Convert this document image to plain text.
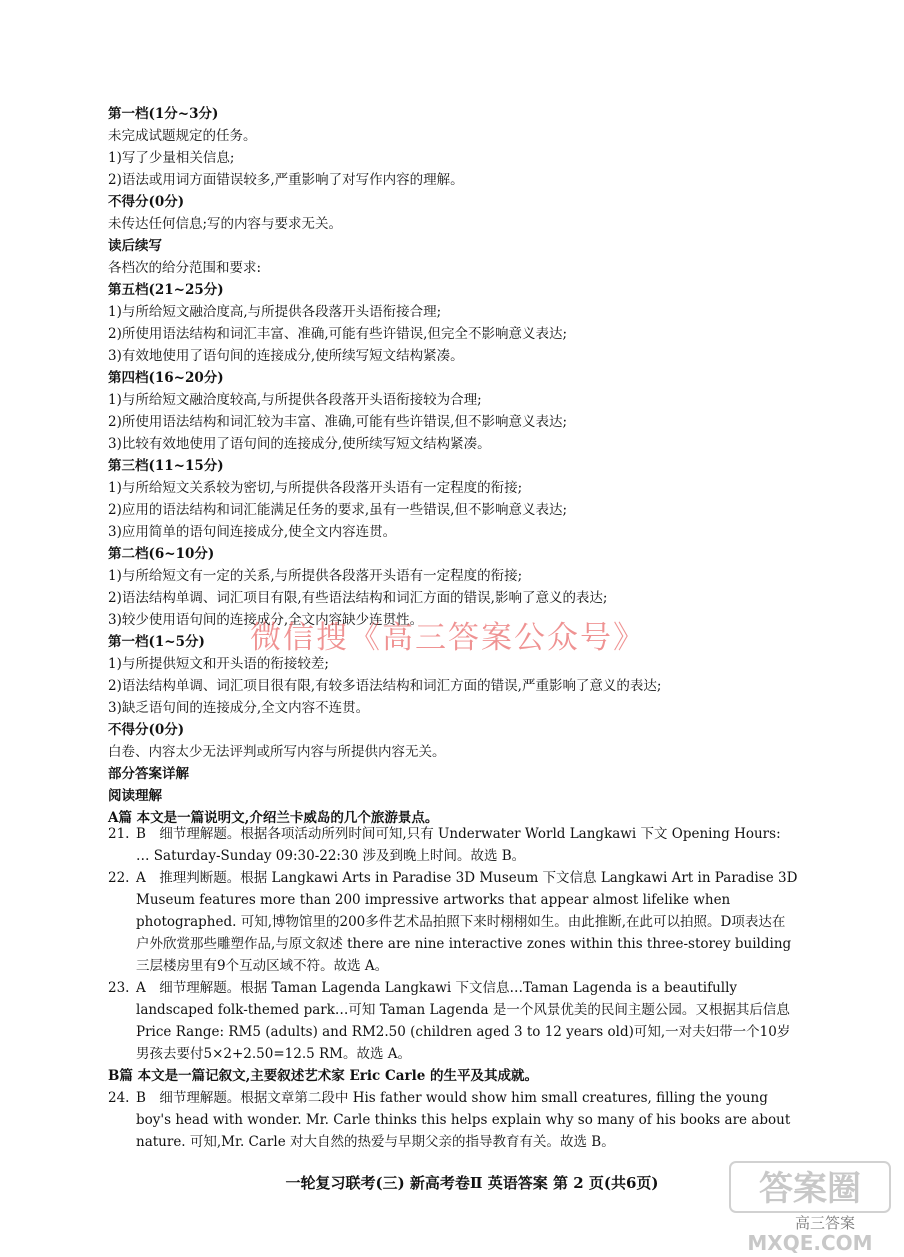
第一档(1分~3分)
未完成试题规定的任务。
1)写了少量相关信息;
2)语法或用词方面错误较多,严重影响了对写作内容的理解。
不得分(0分)
未传达任何信息;写的内容与要求无关。
读后续写
各档次的给分范围和要求:
第五档(21~25分)
1)与所给短文融洽度高,与所提供各段落开头语衔接合理;
2)所使用语法结构和词汇丰富、准确,可能有些许错误,但完全不影响意义表达;
3)有效地使用了语句间的连接成分,使所续写短文结构紧凑。
第四档(16~20分)
1)与所给短文融洽度较高,与所提供各段落开头语衔接较为合理;
2)所使用语法结构和词汇较为丰富、准确,可能有些许错误,但不影响意义表达;
3)比较有效地使用了语句间的连接成分,使所续写短文结构紧凑。
第三档(11~15分)
1)与所给短文关系较为密切,与所提供各段落开头语有一定程度的衔接;
2)应用的语法结构和词汇能满足任务的要求,虽有一些错误,但不影响意义表达;
3)应用简单的语句间连接成分,使全文内容连贯。
第二档(6~10分)
1)与所给短文有一定的关系,与所提供各段落开头语有一定程度的衔接;
2)语法结构单调、词汇项目有限,有些语法结构和词汇方面的错误,影响了意义的表达;
3)较少使用语句间的连接成分,全文内容缺少连贯性。
第一档(1~5分)
1)与所提供短文和开头语的衔接较差;
2)语法结构单调、词汇项目很有限,有较多语法结构和词汇方面的错误,严重影响了意义的表达;
3)缺乏语句间的连接成分,全文内容不连贯。
不得分(0分)
白卷、内容太少无法评判或所写内容与所提供内容无关。
部分答案详解
阅读理解
A篇 本文是一篇说明文,介绍兰卡威岛的几个旅游景点。
21. B　细节理解题。根据各项活动所列时间可知,只有 Underwater World Langkawi 下文 Opening Hours: … Saturday-Sunday 09:30-22:30 涉及到晚上时间。故选 B。
22. A　推理判断题。根据 Langkawi Arts in Paradise 3D Museum 下文信息 Langkawi Art in Paradise 3D Museum features more than 200 impressive artworks that appear almost lifelike when photographed. 可知,博物馆里的200多件艺术品拍照下来时栩栩如生。由此推断,在此可以拍照。D项表达在户外欣赏那些雕塑作品,与原文叙述 there are nine interactive zones within this three-storey building 三层楼房里有9个互动区域不符。故选 A。
23. A　细节理解题。根据 Taman Lagenda Langkawi 下文信息…Taman Lagenda is a beautifully landscaped folk-themed park…可知 Taman Lagenda 是一个风景优美的民间主题公园。又根据其后信息 Price Range: RM5 (adults) and RM2.50 (children aged 3 to 12 years old)可知,一对夫妇带一个10岁男孩去要付5×2+2.50=12.5 RM。故选 A。
B篇 本文是一篇记叙文,主要叙述艺术家 Eric Carle 的生平及其成就。
24. B　细节理解题。根据文章第二段中 His father would show him small creatures, filling the young boy's head with wonder. Mr. Carle thinks this helps explain why so many of his books are about nature. 可知,Mr. Carle 对大自然的热爱与早期父亲的指导教育有关。故选 B。
微信搜《高三答案公众号》
一轮复习联考(三) 新高考卷Ⅱ 英语答案 第 2 页(共6页)	答案圈
高三答案
MXQE.COM
